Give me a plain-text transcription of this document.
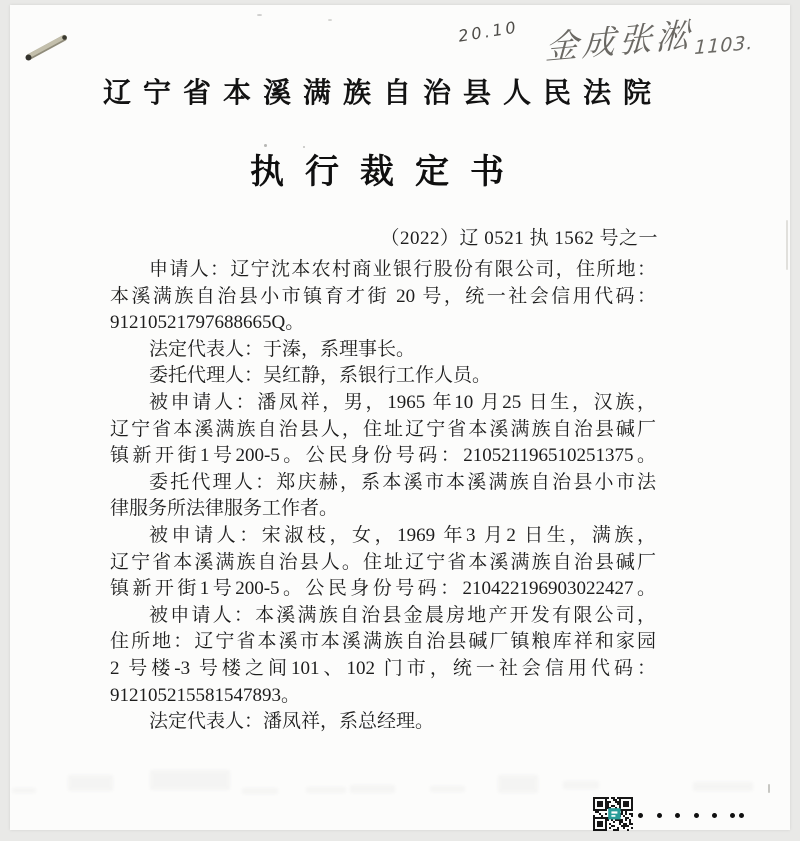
20.10 金成张淞$_{1103.}$
辽宁省本溪满族自治县人民法院
执行裁定书
（2022）辽 0521 执 1562 号之一
申请人：辽宁沈本农村商业银行股份有限公司，住所地：
本溪满族自治县小市镇育才街 20 号，统一社会信用代码：
91210521797688665Q。
法定代表人：于溱，系理事长。
委托代理人：吴红静，系银行工作人员。
被申请人：潘凤祥，男，1965 年10 月25 日生，汉族，
辽宁省本溪满族自治县人，住址辽宁省本溪满族自治县碱厂
镇新开街1号200-5。公民身份号码：210521196510251375。
委托代理人：郑庆赫，系本溪市本溪满族自治县小市法
律服务所法律服务工作者。
被申请人：宋淑枝，女，1969 年3 月2 日生，满族，
辽宁省本溪满族自治县人。住址辽宁省本溪满族自治县碱厂
镇新开街1号200-5。公民身份号码：210422196903022427。
被申请人：本溪满族自治县金晨房地产开发有限公司，
住所地：辽宁省本溪市本溪满族自治县碱厂镇粮库祥和家园
2 号楼-3 号楼之间101、102 门市，统一社会信用代码：
912105215581547893。
法定代表人：潘凤祥，系总经理。
